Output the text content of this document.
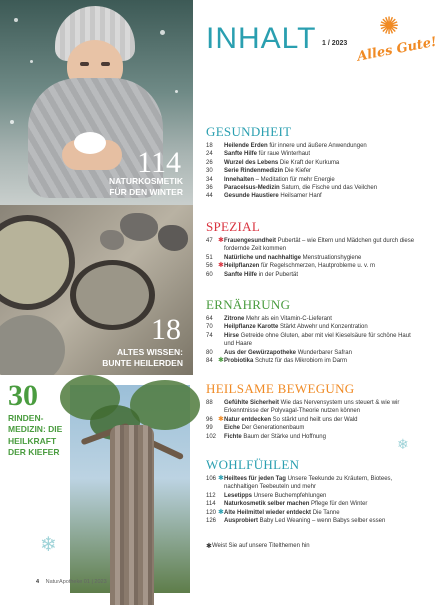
114
NATURKOSMETIK FÜR DEN WINTER
18
ALTES WISSEN: BUNTE HEILERDEN
30
RINDEN-MEDIZIN: DIE HEILKRAFT DER KIEFER
❄
INHALT 1 / 2023
✺
Alles Gute!
GESUNDHEIT
18	Heilende Erden für innere und äußere Anwendungen
24	Sanfte Hilfe für raue Winterhaut
26	Wurzel des Lebens Die Kraft der Kurkuma
30	Serie Rindenmedizin Die Kiefer
34	Innehalten – Meditation für mehr Energie
36	Paracelsus-Medizin Saturn, die Fische und das Veilchen
44	Gesunde Haustiere Heilsamer Hanf
SPEZIAL
47 ✱ Frauengesundheit Pubertät – wie Eltern und Mädchen gut durch diese fordernde Zeit kommen
51	Natürliche und nachhaltige Menstruationshygiene
56 ✱ Heilpflanzen für Regelschmerzen, Hautprobleme u. v. m
60	Sanfte Hilfe in der Pubertät
ERNÄHRUNG
64	Zitrone Mehr als ein Vitamin-C-Lieferant
70	Heilpflanze Karotte Stärkt Abwehr und Konzentration
74	Hirse Getreide ohne Gluten, aber mit viel Kieselsäure für schöne Haut und Haare
80	Aus der Gewürzapotheke Wunderbarer Safran
84 ✱ Probiotika Schutz für das Mikrobiom im Darm
HEILSAME BEWEGUNG
88	Gefühlte Sicherheit Wie das Nervensystem uns steuert & wie wir Erkenntnisse der Polyvagal-Theorie nutzen können
96 ✱ Natur entdecken So stärkt und heilt uns der Wald
99	Eiche Der Generationenbaum
102	Fichte Baum der Stärke und Hoffnung
WOHLFÜHLEN
106 ✱ Heiltees für jeden Tag Unsere Teekunde zu Kräutern, Biotees, nachhaltigen Teebeuteln und mehr
112	Lesetipps Unsere Buchempfehlungen
114	Naturkosmetik selber machen Pflege für den Winter
120 ✱ Alte Heilmittel wieder entdeckt Die Tanne
126	Ausprobiert Baby Led Weaning – wenn Babys selber essen
❄
✱ Weist Sie auf unsere Titelthemen hin
4 NaturApotheke 01 | 2023
